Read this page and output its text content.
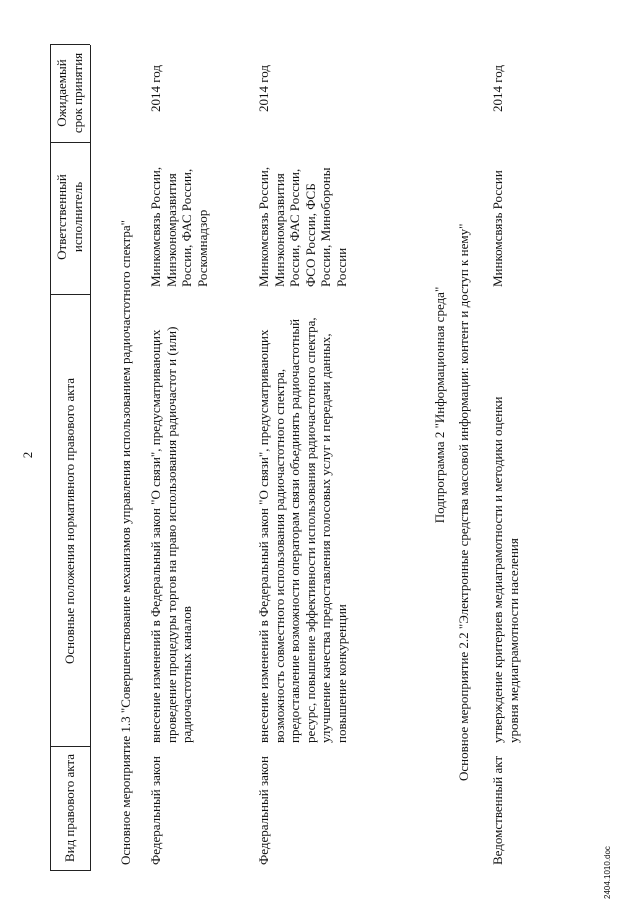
2
Вид правового акта
Основные положения нормативного правового акта
Ответственный исполнитель
Ожидаемый срок принятия
Основное мероприятие 1.3 "Совершенствование механизмов управления использованием радиочастотного спектра" Федеральный закон
внесение изменений в Федеральный закон "О связи", предусматривающих проведение процедуры торгов на право использования радиочастот и (или) радиочастотных каналов
Минкомсвязь России, Минэкономразвития России, ФАС России, Роскомнадзор
2014 год
Федеральный закон
внесение изменений в Федеральный закон "О связи", предусматривающих возможность совместного использования радиочастотного спектра, предоставление возможности операторам связи объединять радиочастотный ресурс, повышение эффективности использования радиочастотного спектра, улучшение качества предоставления голосовых услуг и передачи данных, повышение конкуренции
Минкомсвязь России, Минэкономразвития России, ФАС России, ФСО России, ФСБ России, Минобороны России
2014 год
Подпрограмма 2 "Информационная среда" Основное мероприятие 2.2 "Электронные средства массовой информации: контент и доступ к нему"
Ведомственный акт
утверждение критериев медиаграмотности и методики оценки уровня медиаграмотности населения
Минкомсвязь России
2014 год
2404.1010.doc
